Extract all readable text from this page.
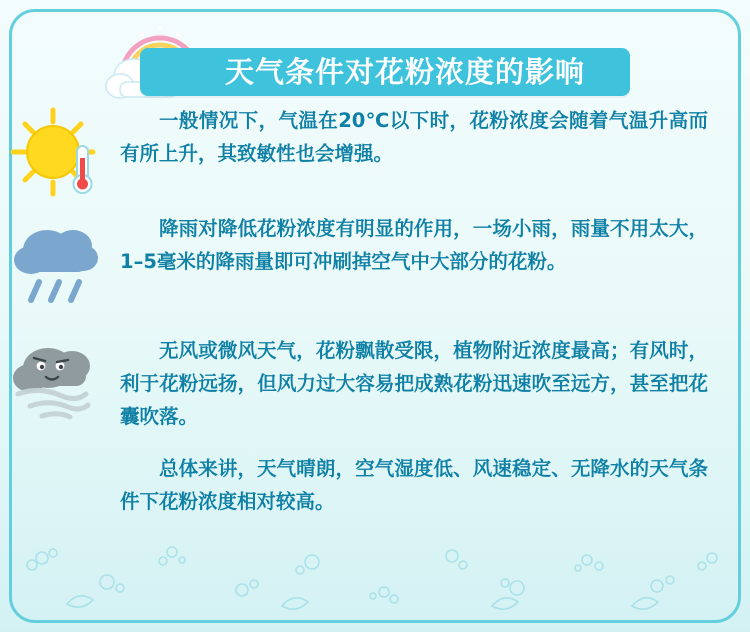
天气条件对花粉浓度的影响
一般情况下，气温在20℃以下时，花粉浓度会随着气温升高而有所上升，其致敏性也会增强。
降雨对降低花粉浓度有明显的作用，一场小雨，雨量不用太大，1–5毫米的降雨量即可冲刷掉空气中大部分的花粉。
无风或微风天气，花粉飘散受限，植物附近浓度最高；有风时，利于花粉远扬，但风力过大容易把成熟花粉迅速吹至远方，甚至把花囊吹落。
总体来讲，天气晴朗，空气湿度低、风速稳定、无降水的天气条件下花粉浓度相对较高。
